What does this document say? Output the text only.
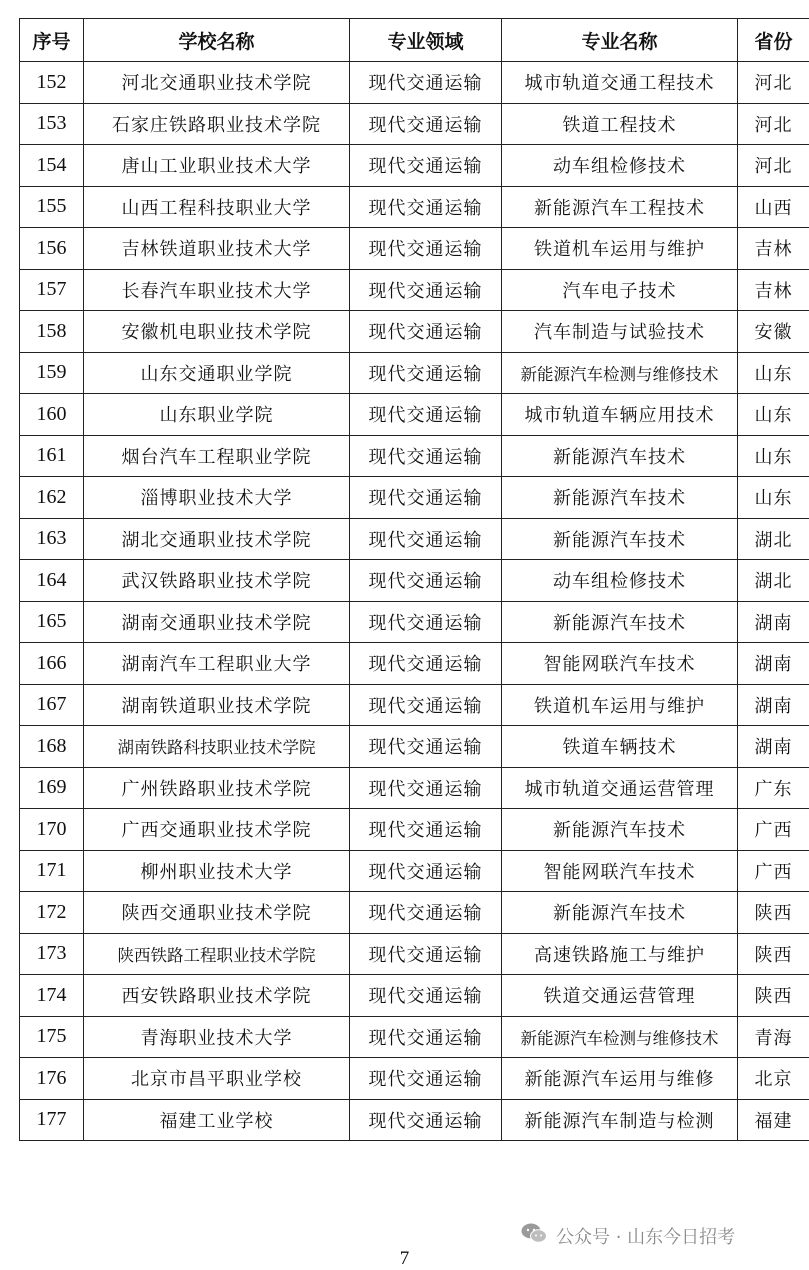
序号	学校名称	专业领域	专业名称	省份
152	河北交通职业技术学院	现代交通运输	城市轨道交通工程技术	河北
153	石家庄铁路职业技术学院	现代交通运输	铁道工程技术	河北
154	唐山工业职业技术大学	现代交通运输	动车组检修技术	河北
155	山西工程科技职业大学	现代交通运输	新能源汽车工程技术	山西
156	吉林铁道职业技术大学	现代交通运输	铁道机车运用与维护	吉林
157	长春汽车职业技术大学	现代交通运输	汽车电子技术	吉林
158	安徽机电职业技术学院	现代交通运输	汽车制造与试验技术	安徽
159	山东交通职业学院	现代交通运输	新能源汽车检测与维修技术	山东
160	山东职业学院	现代交通运输	城市轨道车辆应用技术	山东
161	烟台汽车工程职业学院	现代交通运输	新能源汽车技术	山东
162	淄博职业技术大学	现代交通运输	新能源汽车技术	山东
163	湖北交通职业技术学院	现代交通运输	新能源汽车技术	湖北
164	武汉铁路职业技术学院	现代交通运输	动车组检修技术	湖北
165	湖南交通职业技术学院	现代交通运输	新能源汽车技术	湖南
166	湖南汽车工程职业大学	现代交通运输	智能网联汽车技术	湖南
167	湖南铁道职业技术学院	现代交通运输	铁道机车运用与维护	湖南
168	湖南铁路科技职业技术学院	现代交通运输	铁道车辆技术	湖南
169	广州铁路职业技术学院	现代交通运输	城市轨道交通运营管理	广东
170	广西交通职业技术学院	现代交通运输	新能源汽车技术	广西
171	柳州职业技术大学	现代交通运输	智能网联汽车技术	广西
172	陕西交通职业技术学院	现代交通运输	新能源汽车技术	陕西
173	陕西铁路工程职业技术学院	现代交通运输	高速铁路施工与维护	陕西
174	西安铁路职业技术学院	现代交通运输	铁道交通运营管理	陕西
175	青海职业技术大学	现代交通运输	新能源汽车检测与维修技术	青海
176	北京市昌平职业学校	现代交通运输	新能源汽车运用与维修	北京
177	福建工业学校	现代交通运输	新能源汽车制造与检测	福建
公众号 · 山东今日招考
7
